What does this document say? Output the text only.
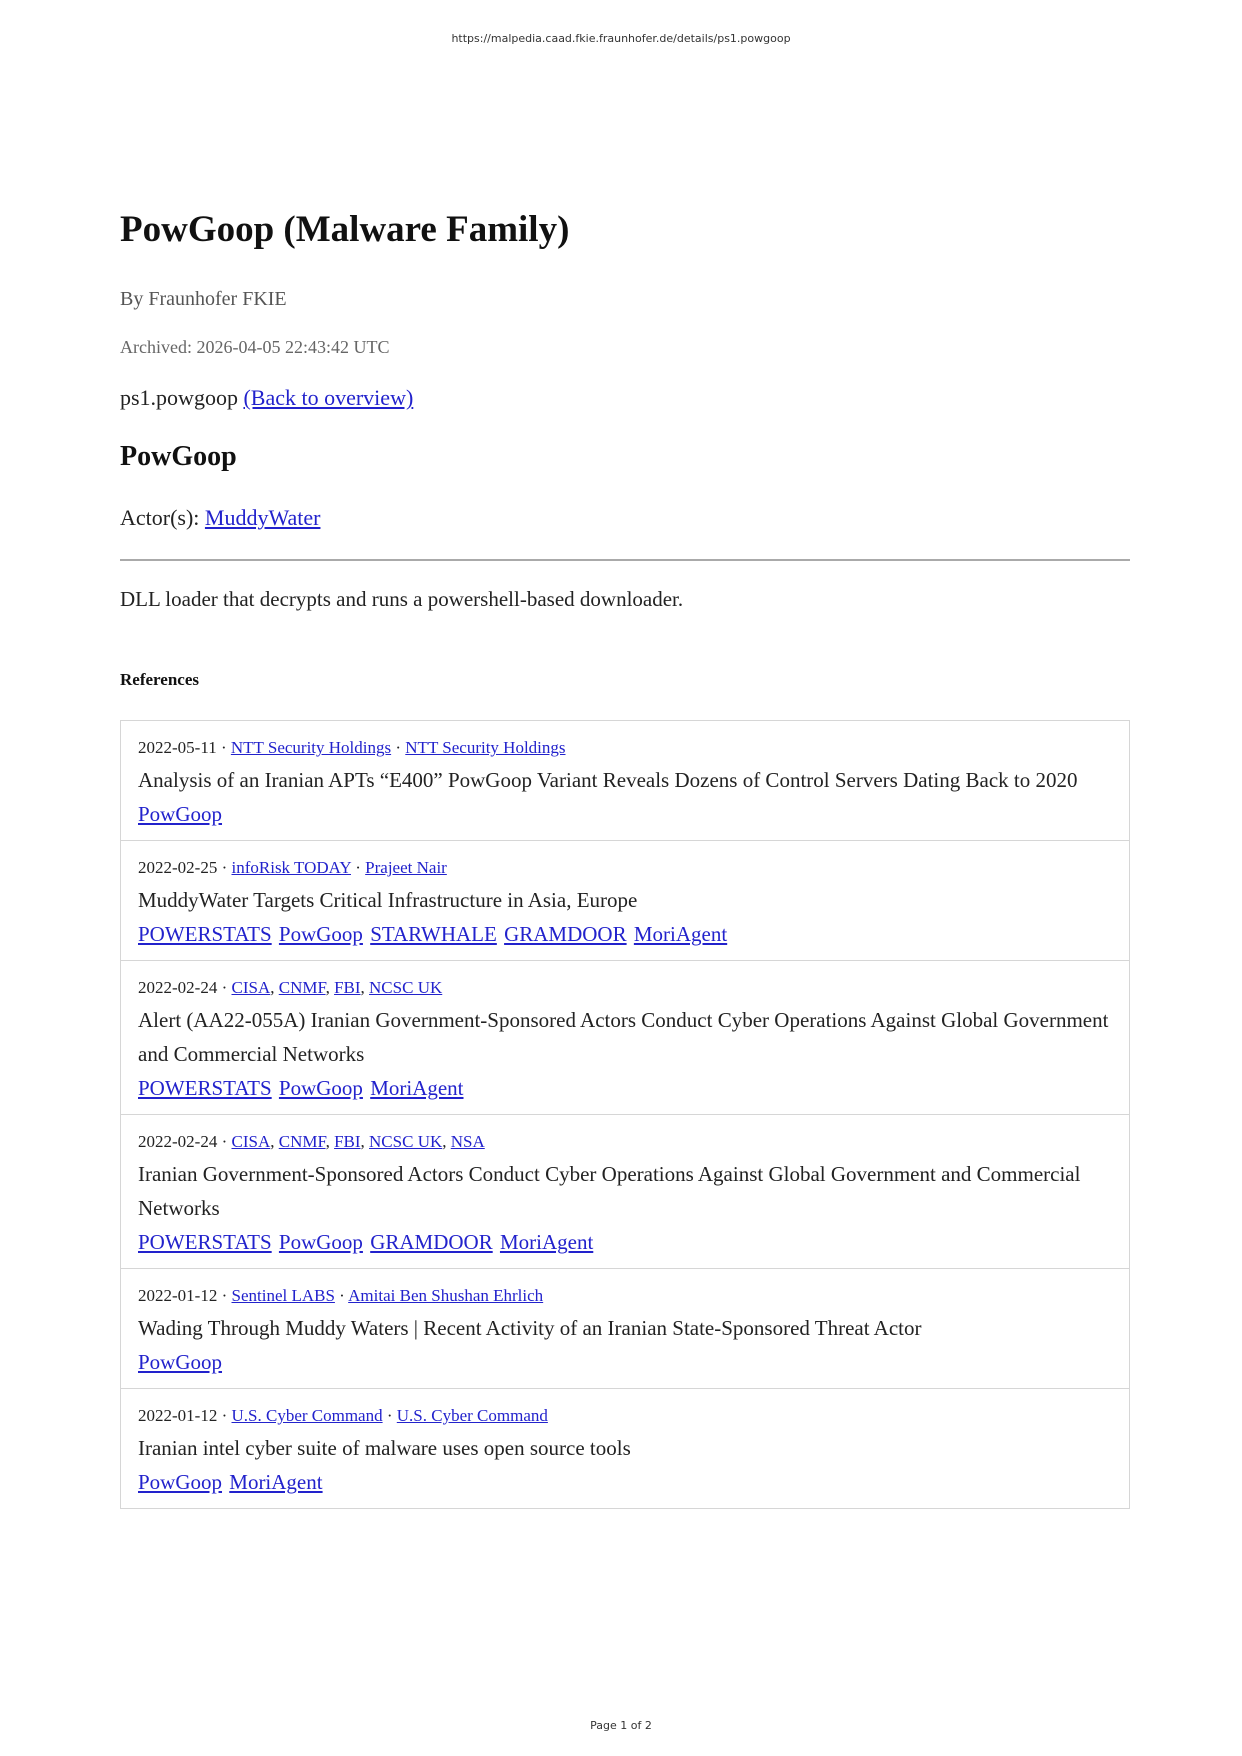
https://malpedia.caad.fkie.fraunhofer.de/details/ps1.powgoop
PowGoop (Malware Family)
By Fraunhofer FKIE
Archived: 2026-04-05 22:43:42 UTC
ps1.powgoop (Back to overview)
PowGoop
Actor(s): MuddyWater
DLL loader that decrypts and runs a powershell-based downloader.
References
2022-05-11 · NTT Security Holdings · NTT Security Holdings
Analysis of an Iranian APTs “E400” PowGoop Variant Reveals Dozens of Control Servers Dating Back to 2020
PowGoop
2022-02-25 · infoRisk TODAY · Prajeet Nair
MuddyWater Targets Critical Infrastructure in Asia, Europe
POWERSTATS PowGoop STARWHALE GRAMDOOR MoriAgent
2022-02-24 · CISA, CNMF, FBI, NCSC UK
Alert (AA22-055A) Iranian Government-Sponsored Actors Conduct Cyber Operations Against Global Government and Commercial Networks
POWERSTATS PowGoop MoriAgent
2022-02-24 · CISA, CNMF, FBI, NCSC UK, NSA
Iranian Government-Sponsored Actors Conduct Cyber Operations Against Global Government and Commercial Networks
POWERSTATS PowGoop GRAMDOOR MoriAgent
2022-01-12 · Sentinel LABS · Amitai Ben Shushan Ehrlich
Wading Through Muddy Waters | Recent Activity of an Iranian State-Sponsored Threat Actor
PowGoop
2022-01-12 · U.S. Cyber Command · U.S. Cyber Command
Iranian intel cyber suite of malware uses open source tools
PowGoop MoriAgent
Page 1 of 2
